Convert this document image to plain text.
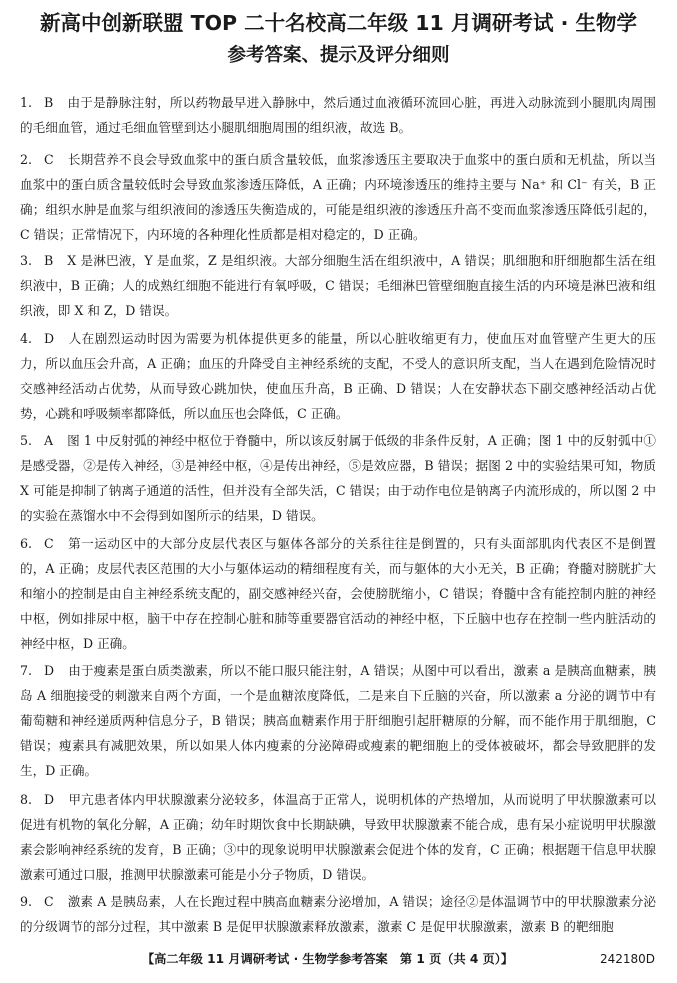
新高中创新联盟 TOP 二十名校高二年级 11 月调研考试 · 生物学
参考答案、提示及评分细则
1. B 由于是静脉注射，所以药物最早进入静脉中，然后通过血液循环流回心脏，再进入动脉流到小腿肌肉周围的毛细血管，通过毛细血管壁到达小腿肌细胞周围的组织液，故选 B。
2. C 长期营养不良会导致血浆中的蛋白质含量较低，血浆渗透压主要取决于血浆中的蛋白质和无机盐，所以当血浆中的蛋白质含量较低时会导致血浆渗透压降低，A 正确；内环境渗透压的维持主要与 Na⁺ 和 Cl⁻ 有关，B 正确；组织水肿是血浆与组织液间的渗透压失衡造成的，可能是组织液的渗透压升高不变而血浆渗透压降低引起的，C 错误；正常情况下，内环境的各种理化性质都是相对稳定的，D 正确。
3. B X 是淋巴液，Y 是血浆，Z 是组织液。大部分细胞生活在组织液中，A 错误；肌细胞和肝细胞都生活在组织液中，B 正确；人的成熟红细胞不能进行有氧呼吸，C 错误；毛细淋巴管壁细胞直接生活的内环境是淋巴液和组织液，即 X 和 Z，D 错误。
4. D 人在剧烈运动时因为需要为机体提供更多的能量，所以心脏收缩更有力，使血压对血管壁产生更大的压力，所以血压会升高，A 正确；血压的升降受自主神经系统的支配，不受人的意识所支配，当人在遇到危险情况时交感神经活动占优势，从而导致心跳加快，使血压升高，B 正确、D 错误；人在安静状态下副交感神经活动占优势，心跳和呼吸频率都降低，所以血压也会降低，C 正确。
5. A 图 1 中反射弧的神经中枢位于脊髓中，所以该反射属于低级的非条件反射，A 正确；图 1 中的反射弧中①是感受器，②是传入神经，③是神经中枢，④是传出神经，⑤是效应器，B 错误；据图 2 中的实验结果可知，物质 X 可能是抑制了钠离子通道的活性，但并没有全部失活，C 错误；由于动作电位是钠离子内流形成的，所以图 2 中的实验在蒸馏水中不会得到如图所示的结果，D 错误。
6. C 第一运动区中的大部分皮层代表区与躯体各部分的关系往往是倒置的，只有头面部肌肉代表区不是倒置的，A 正确；皮层代表区范围的大小与躯体运动的精细程度有关，而与躯体的大小无关，B 正确；脊髓对膀胱扩大和缩小的控制是由自主神经系统支配的，副交感神经兴奋，会使膀胱缩小，C 错误；脊髓中含有能控制内脏的神经中枢，例如排尿中枢，脑干中存在控制心脏和肺等重要器官活动的神经中枢，下丘脑中也存在控制一些内脏活动的神经中枢，D 正确。
7. D 由于瘦素是蛋白质类激素，所以不能口服只能注射，A 错误；从图中可以看出，激素 a 是胰高血糖素，胰岛 A 细胞接受的刺激来自两个方面，一个是血糖浓度降低，二是来自下丘脑的兴奋，所以激素 a 分泌的调节中有葡萄糖和神经递质两种信息分子，B 错误；胰高血糖素作用于肝细胞引起肝糖原的分解，而不能作用于肌细胞，C 错误；瘦素具有减肥效果，所以如果人体内瘦素的分泌障碍或瘦素的靶细胞上的受体被破坏，都会导致肥胖的发生，D 正确。
8. D 甲亢患者体内甲状腺激素分泌较多，体温高于正常人，说明机体的产热增加，从而说明了甲状腺激素可以促进有机物的氧化分解，A 正确；幼年时期饮食中长期缺碘，导致甲状腺激素不能合成，患有呆小症说明甲状腺激素会影响神经系统的发育，B 正确；③中的现象说明甲状腺激素会促进个体的发育，C 正确；根据题干信息甲状腺激素可通过口服，推测甲状腺激素可能是小分子物质，D 错误。
9. C 激素 A 是胰岛素，人在长跑过程中胰高血糖素分泌增加，A 错误；途径②是体温调节中的甲状腺激素分泌的分级调节的部分过程，其中激素 B 是促甲状腺激素释放激素，激素 C 是促甲状腺激素，激素 B 的靶细胞
【高二年级 11 月调研考试 · 生物学参考答案　第 1 页（共 4 页）】	242180D
